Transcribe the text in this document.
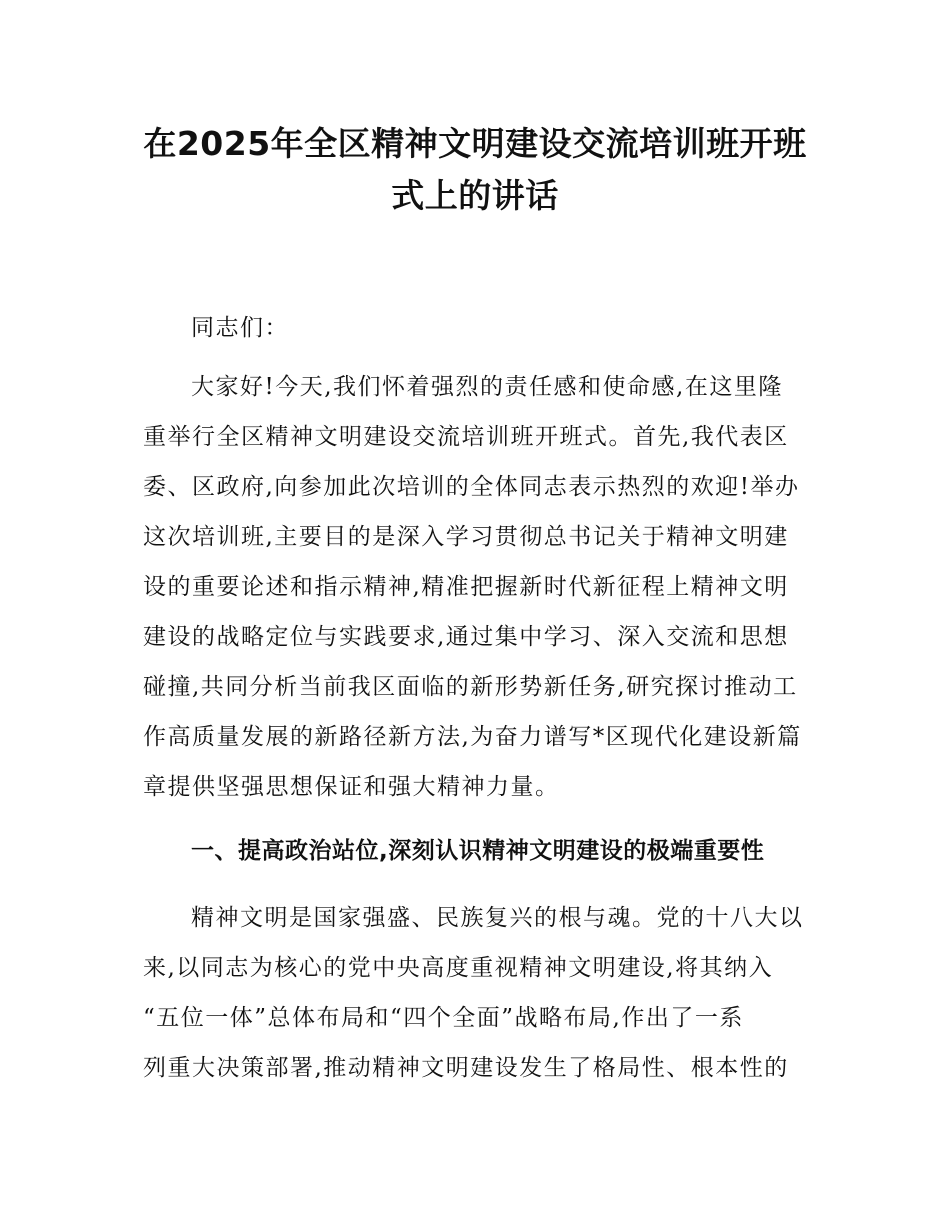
在2025年全区精神文明建设交流培训班开班
式上的讲话
同志们：
大家好!今天,我们怀着强烈的责任感和使命感,在这里隆
重举行全区精神文明建设交流培训班开班式。首先,我代表区
委、区政府,向参加此次培训的全体同志表示热烈的欢迎!举办
这次培训班,主要目的是深入学习贯彻总书记关于精神文明建
设的重要论述和指示精神,精准把握新时代新征程上精神文明
建设的战略定位与实践要求,通过集中学习、深入交流和思想
碰撞,共同分析当前我区面临的新形势新任务,研究探讨推动工
作高质量发展的新路径新方法,为奋力谱写*区现代化建设新篇
章提供坚强思想保证和强大精神力量。
一、提高政治站位,深刻认识精神文明建设的极端重要性
精神文明是国家强盛、民族复兴的根与魂。党的十八大以
来,以同志为核心的党中央高度重视精神文明建设,将其纳入
“五位一体”总体布局和“四个全面”战略布局,作出了一系
列重大决策部署,推动精神文明建设发生了格局性、根本性的
